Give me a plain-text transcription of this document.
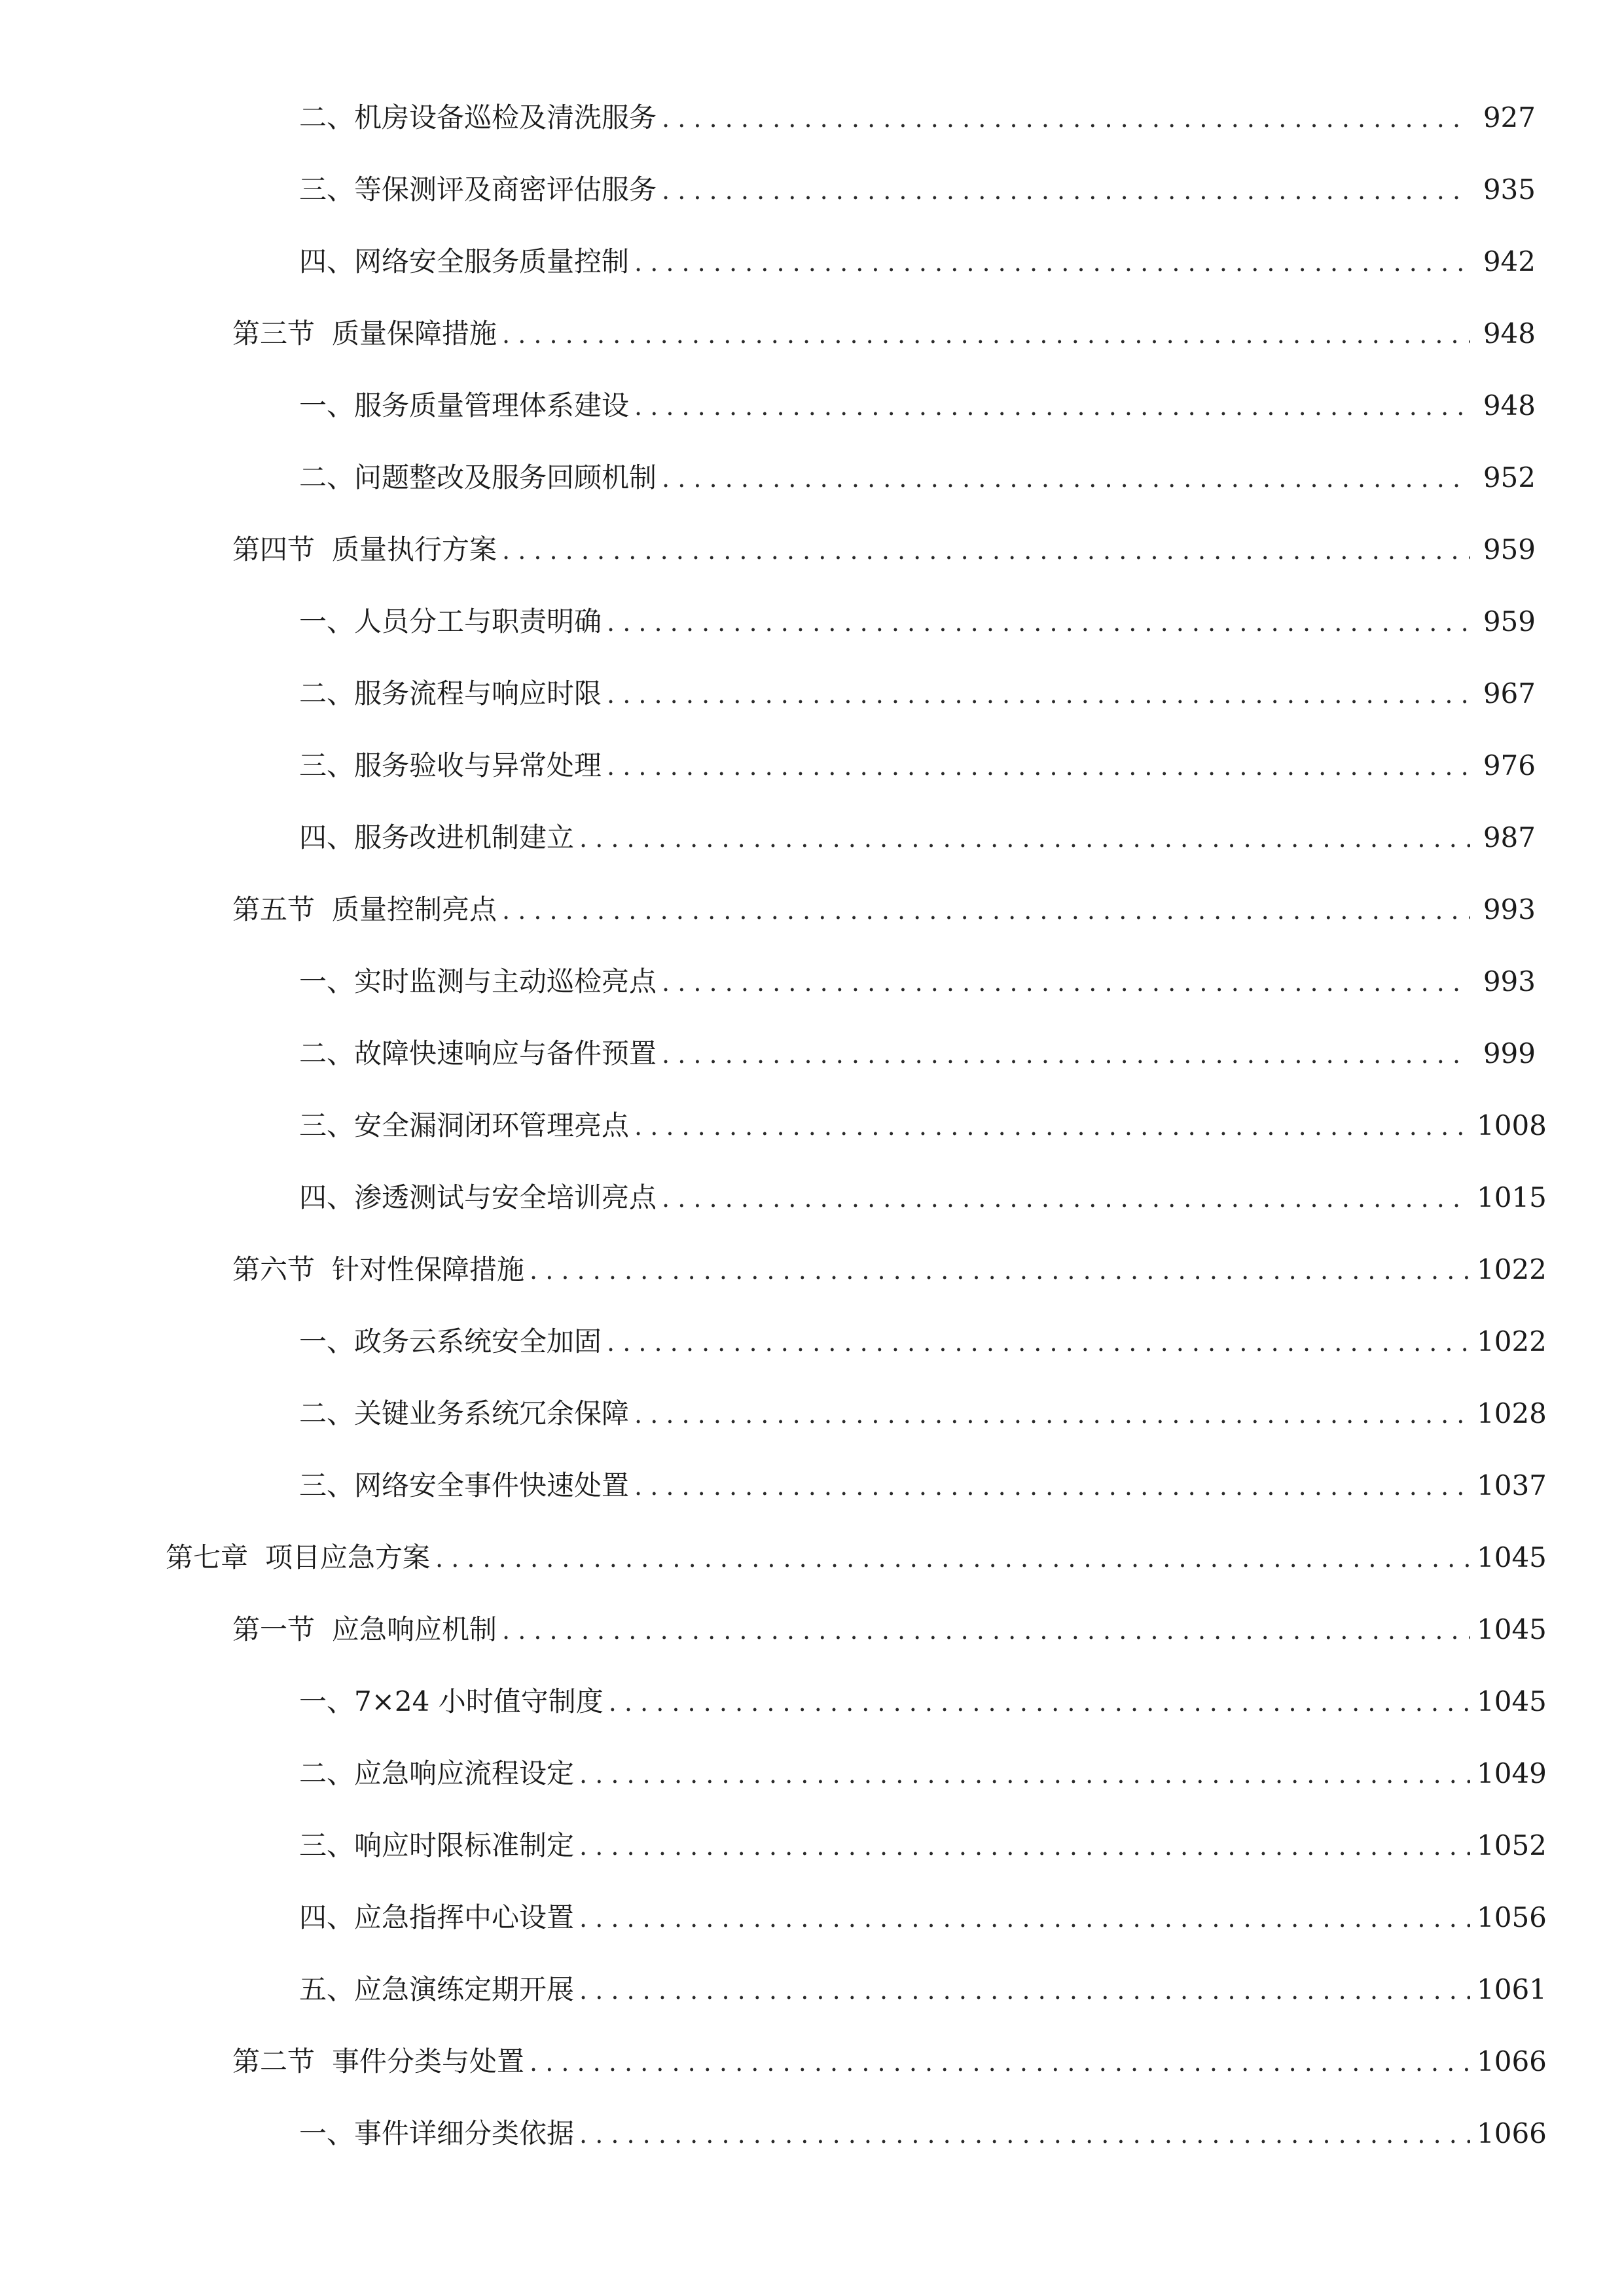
二、 机房设备巡检及清洗服务 . . .	927
三、 等保测评及商密评估服务 . . .	935
四、 网络安全服务质量控制 . . .	942
第三节 质量保障措施 . . .	948
一、 服务质量管理体系建设 . . .	948
二、 问题整改及服务回顾机制 . . .	952
第四节 质量执行方案 . . .	959
一、 人员分工与职责明确 . . .	959
二、 服务流程与响应时限 . . .	967
三、 服务验收与异常处理 . . .	976
四、 服务改进机制建立 . . .	987
第五节 质量控制亮点 . . .	993
一、 实时监测与主动巡检亮点 . . .	993
二、 故障快速响应与备件预置 . . .	999
三、 安全漏洞闭环管理亮点 . . .	1008
四、 渗透测试与安全培训亮点 . . .	1015
第六节 针对性保障措施 . . .	1022
一、 政务云系统安全加固 . . .	1022
二、 关键业务系统冗余保障 . . .	1028
三、 网络安全事件快速处置 . . .	1037
第七章 项目应急方案 . . .	1045
第一节 应急响应机制 . . .	1045
一、 7×24 小时值守制度 . . .	1045
二、 应急响应流程设定 . . .	1049
三、 响应时限标准制定 . . .	1052
四、 应急指挥中心设置 . . .	1056
五、 应急演练定期开展 . . .	1061
第二节 事件分类与处置 . . .	1066
一、 事件详细分类依据 . . .	1066
